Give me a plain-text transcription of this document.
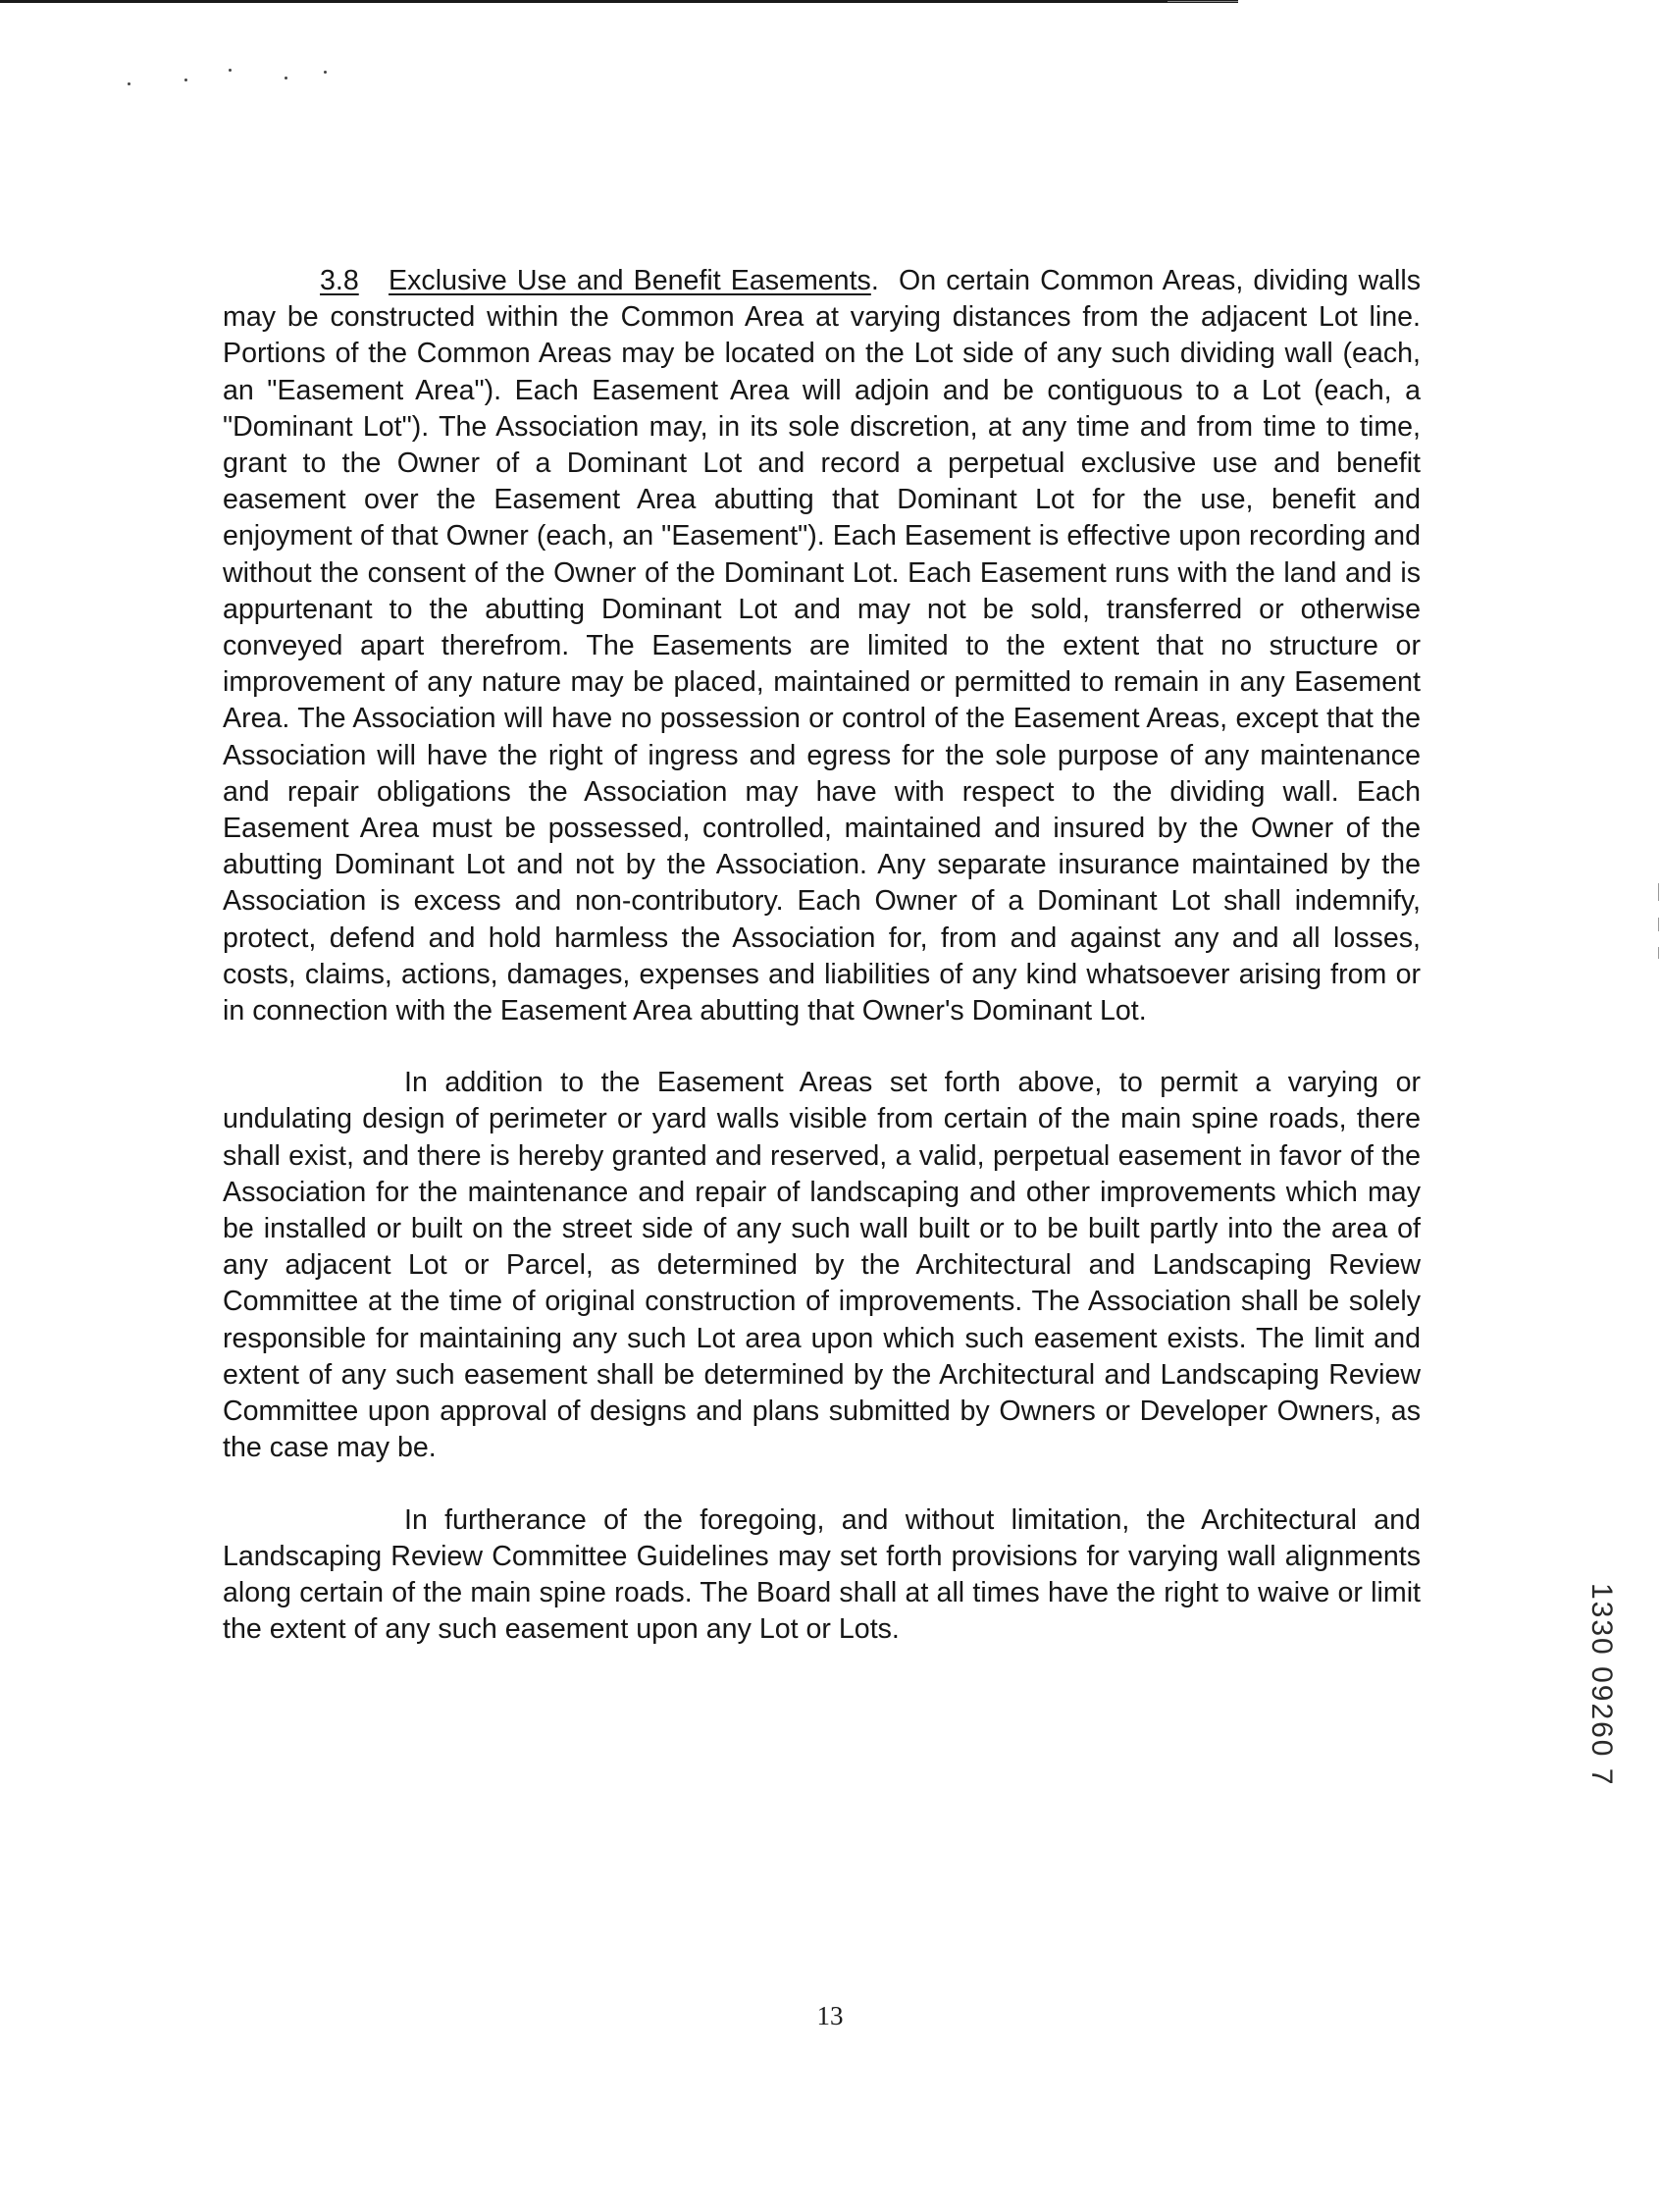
3.8 Exclusive Use and Benefit Easements. On certain Common Areas, dividing walls may be constructed within the Common Area at varying distances from the adjacent Lot line. Portions of the Common Areas may be located on the Lot side of any such dividing wall (each, an "Easement Area"). Each Easement Area will adjoin and be contiguous to a Lot (each, a "Dominant Lot"). The Association may, in its sole discretion, at any time and from time to time, grant to the Owner of a Dominant Lot and record a perpetual exclusive use and benefit easement over the Easement Area abutting that Dominant Lot for the use, benefit and enjoyment of that Owner (each, an "Easement"). Each Easement is effective upon recording and without the consent of the Owner of the Dominant Lot. Each Easement runs with the land and is appurtenant to the abutting Dominant Lot and may not be sold, transferred or otherwise conveyed apart therefrom. The Easements are limited to the extent that no structure or improvement of any nature may be placed, maintained or permitted to remain in any Easement Area. The Association will have no possession or control of the Easement Areas, except that the Association will have the right of ingress and egress for the sole purpose of any maintenance and repair obligations the Association may have with respect to the dividing wall. Each Easement Area must be possessed, controlled, maintained and insured by the Owner of the abutting Dominant Lot and not by the Association. Any separate insurance maintained by the Association is excess and non-contributory. Each Owner of a Dominant Lot shall indemnify, protect, defend and hold harmless the Association for, from and against any and all losses, costs, claims, actions, damages, expenses and liabilities of any kind whatsoever arising from or in connection with the Easement Area abutting that Owner's Dominant Lot.

In addition to the Easement Areas set forth above, to permit a varying or undulating design of perimeter or yard walls visible from certain of the main spine roads, there shall exist, and there is hereby granted and reserved, a valid, perpetual easement in favor of the Association for the maintenance and repair of landscaping and other improvements which may be installed or built on the street side of any such wall built or to be built partly into the area of any adjacent Lot or Parcel, as determined by the Architectural and Landscaping Review Committee at the time of original construction of improvements. The Association shall be solely responsible for maintaining any such Lot area upon which such easement exists. The limit and extent of any such easement shall be determined by the Architectural and Landscaping Review Committee upon approval of designs and plans submitted by Owners or Developer Owners, as the case may be.

In furtherance of the foregoing, and without limitation, the Architectural and Landscaping Review Committee Guidelines may set forth provisions for varying wall alignments along certain of the main spine roads. The Board shall at all times have the right to waive or limit the extent of any such easement upon any Lot or Lots.	1330 09260 7
13
